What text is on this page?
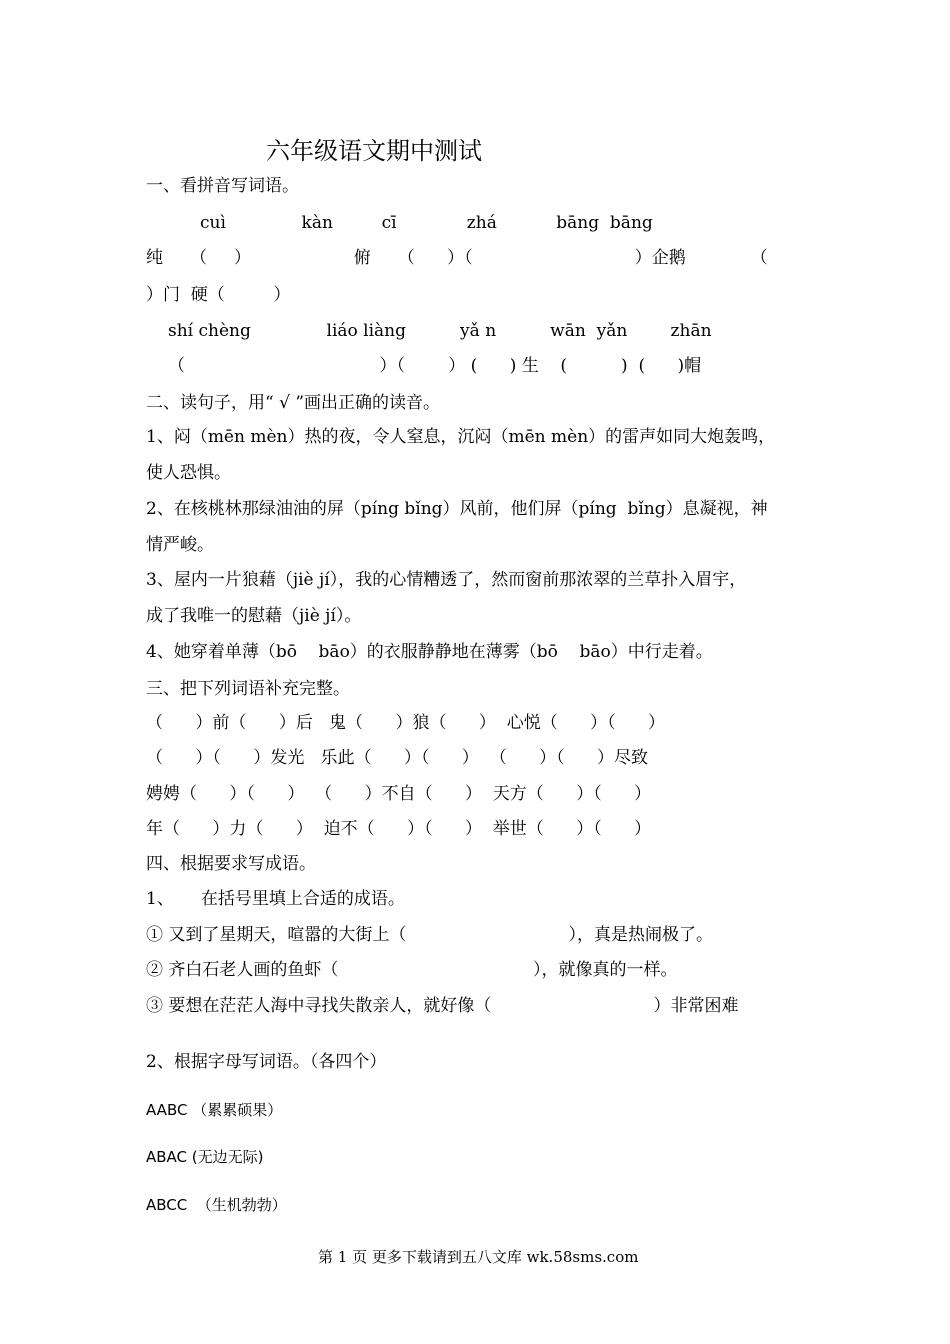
六年级语文期中测试
一、看拼音写词语。
cuì              kàn         cī             zhá           bāng  bāng
纯     （     ）                   俯     （      ）（                              ）企鹅            （
）门  硬（         ）
shí chèng              liáo liàng          yǎ n          wān  yǎn        zhān
（                                    ）（        ） (      ) 生    (          )  (      )帽
二、读句子，用“ √ ”画出正确的读音。
1、闷（mēn mèn）热的夜，令人窒息，沉闷（mēn mèn）的雷声如同大炮轰鸣，
使人恐惧。
2、在核桃林那绿油油的屏（píng bǐng）风前，他们屏（píng  bǐng）息凝视，神
情严峻。
3、屋内一片狼藉（jiè jí），我的心情糟透了，然而窗前那浓翠的兰草扑入眉宇，
成了我唯一的慰藉（jiè jí）。
4、她穿着单薄（bō    bāo）的衣服静静地在薄雾（bō    bāo）中行走着。
三、把下列词语补充完整。
（      ）前（      ）后   鬼（      ）狼（      ）  心悦（      ）（      ）
（      ）（      ）发光   乐此（      ）（      ）  （      ）（      ）尽致
娉娉（      ）（      ）  （      ）不自（      ）  天方（      ）（      ）
年（      ）力（      ）  迫不（      ）（      ）  举世（      ）（      ）
四、根据要求写成语。
1、     在括号里填上合适的成语。
① 又到了星期天，喧嚣的大街上（                              ），真是热闹极了。
② 齐白石老人画的鱼虾（                                    ），就像真的一样。
③ 要想在茫茫人海中寻找失散亲人，就好像（                              ）非常困难
2、根据字母写词语。（各四个）
AABC （累累硕果）
ABAC (无边无际)
ABCC  （生机勃勃）
第 1 页 更多下载请到五八文库 wk.58sms.com
